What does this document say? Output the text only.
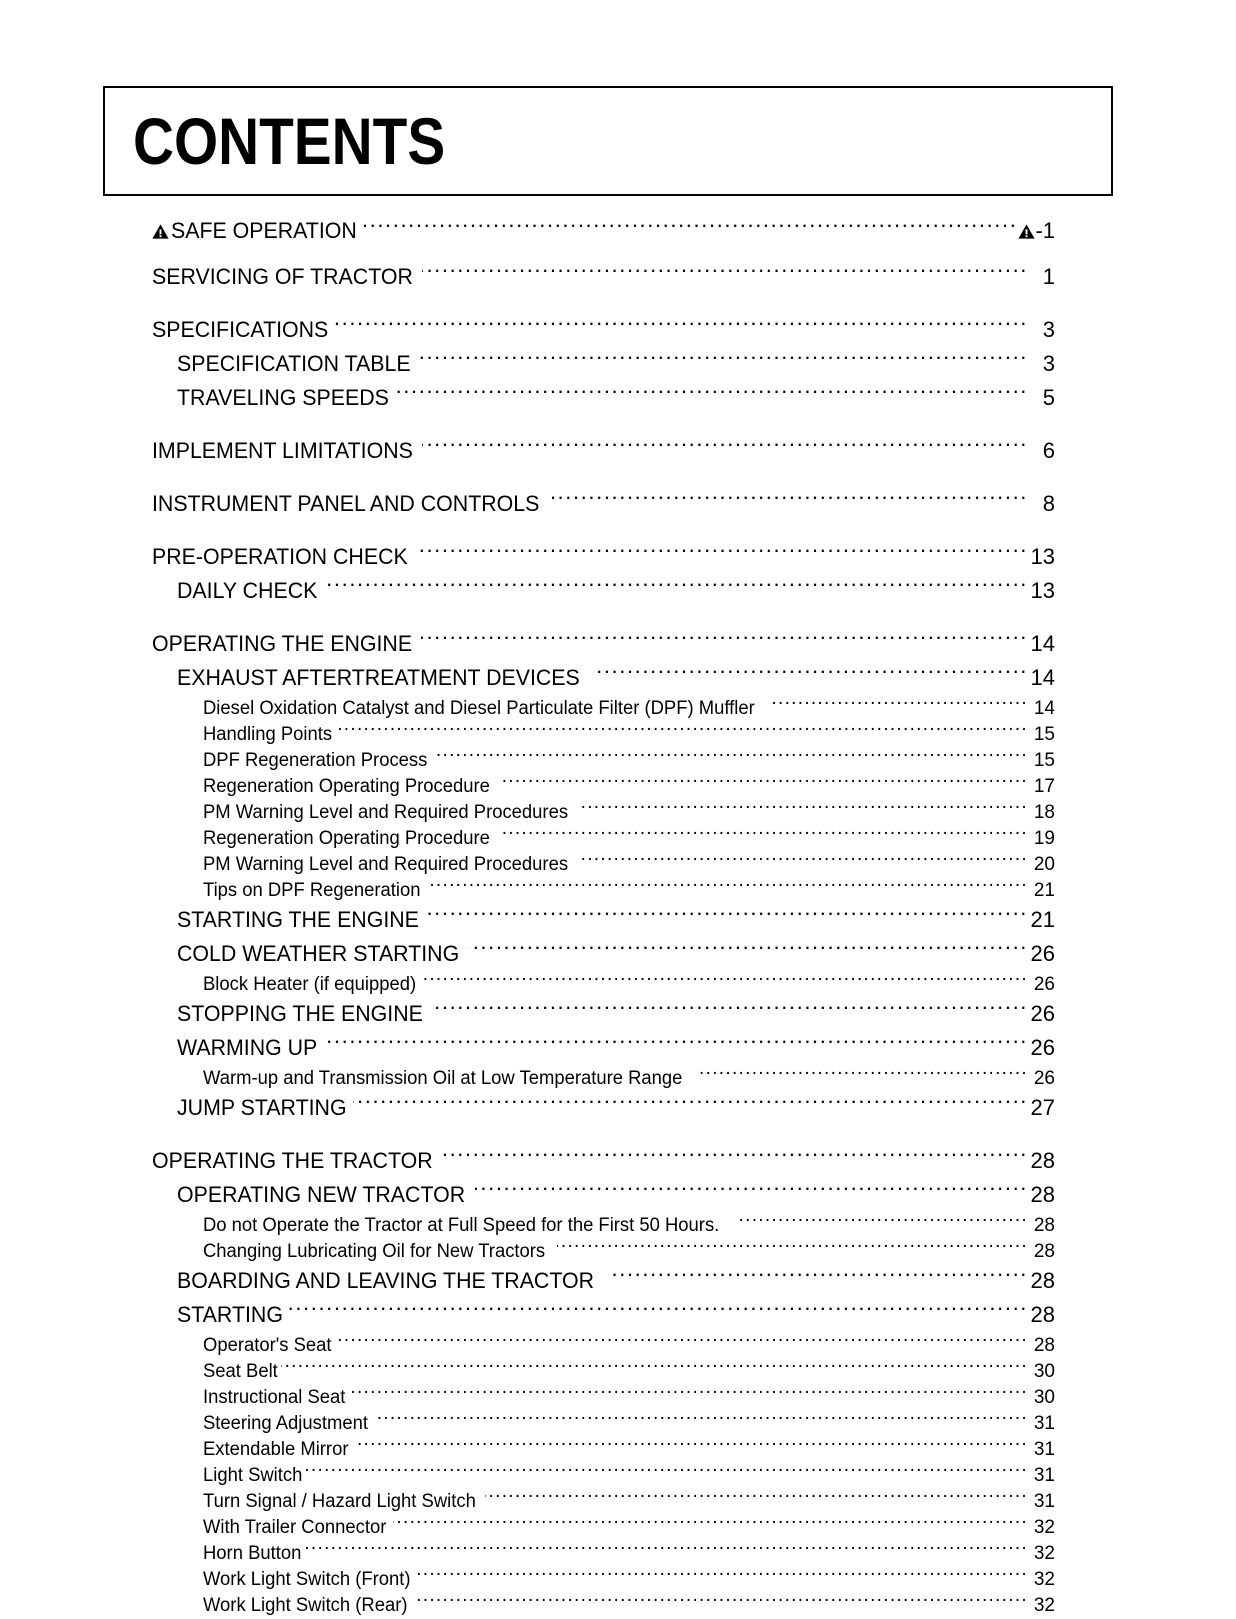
CONTENTS
SAFE OPERATION .....	-1
SERVICING OF TRACTOR .....	1
SPECIFICATIONS .....	3
SPECIFICATION TABLE .....	3
TRAVELING SPEEDS .....	5
IMPLEMENT LIMITATIONS .....	6
INSTRUMENT PANEL AND CONTROLS .....	8
PRE-OPERATION CHECK .....	13
DAILY CHECK .....	13
OPERATING THE ENGINE .....	14
EXHAUST AFTERTREATMENT DEVICES .....	14
Diesel Oxidation Catalyst and Diesel Particulate Filter (DPF) Muffler .....	14
Handling Points .....	15
DPF Regeneration Process .....	15
Regeneration Operating Procedure .....	17
PM Warning Level and Required Procedures .....	18
Regeneration Operating Procedure .....	19
PM Warning Level and Required Procedures .....	20
Tips on DPF Regeneration .....	21
STARTING THE ENGINE .....	21
COLD WEATHER STARTING .....	26
Block Heater (if equipped) .....	26
STOPPING THE ENGINE .....	26
WARMING UP .....	26
Warm-up and Transmission Oil at Low Temperature Range .....	26
JUMP STARTING .....	27
OPERATING THE TRACTOR .....	28
OPERATING NEW TRACTOR .....	28
Do not Operate the Tractor at Full Speed for the First 50 Hours. .....	28
Changing Lubricating Oil for New Tractors .....	28
BOARDING AND LEAVING THE TRACTOR .....	28
STARTING .....	28
Operator's Seat .....	28
Seat Belt .....	30
Instructional Seat .....	30
Steering Adjustment .....	31
Extendable Mirror .....	31
Light Switch .....	31
Turn Signal / Hazard Light Switch .....	31
With Trailer Connector .....	32
Horn Button .....	32
Work Light Switch (Front) .....	32
Work Light Switch (Rear) .....	32
